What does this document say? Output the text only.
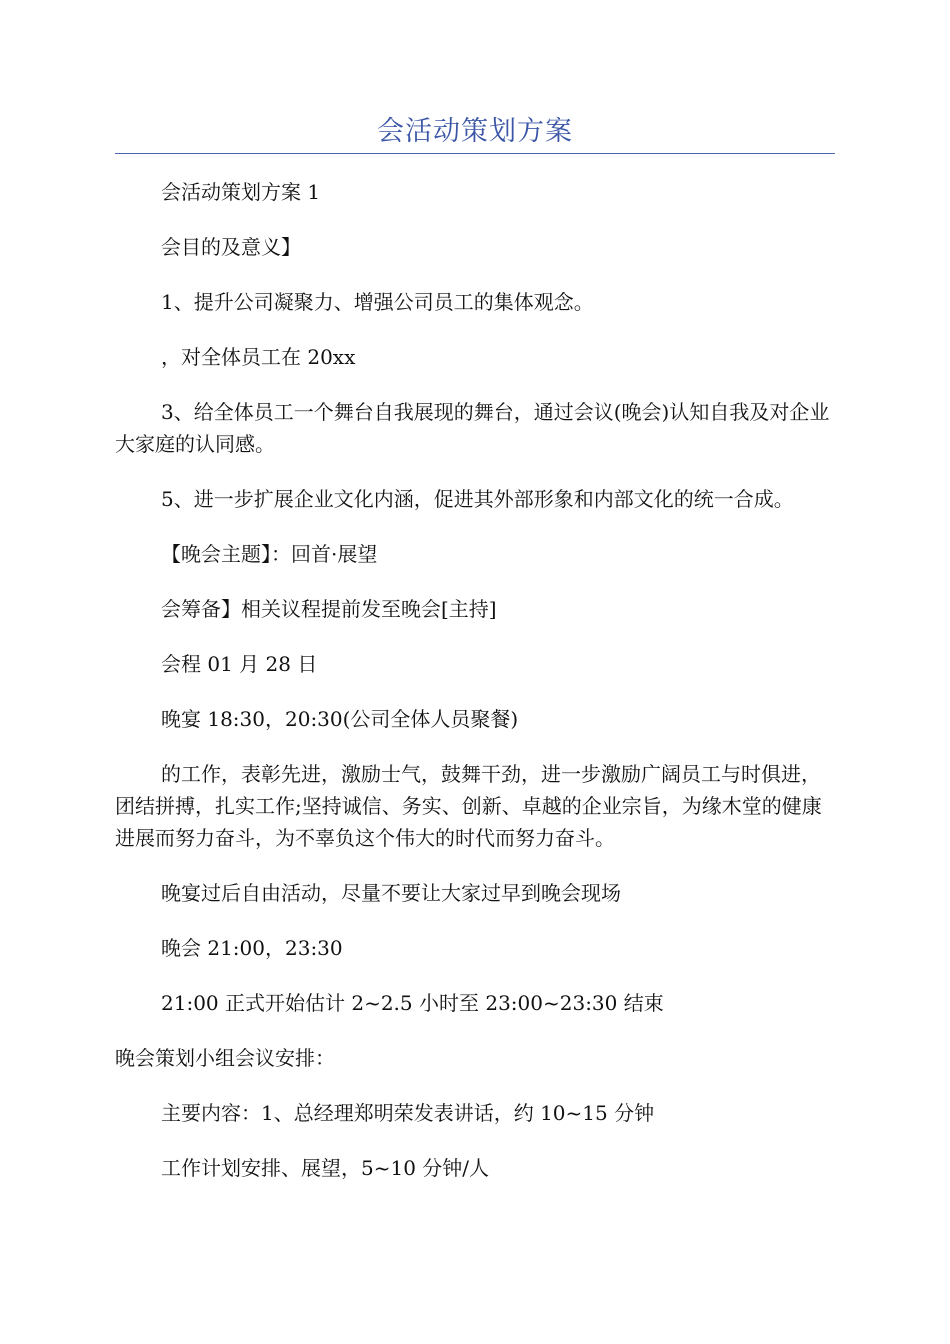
会活动策划方案

会活动策划方案 1

会目的及意义】

1、提升公司凝聚力、增强公司员工的集体观念。

，对全体员工在 20xx

3、给全体员工一个舞台自我展现的舞台，通过会议(晚会)认知自我及对企业大家庭的认同感。

5、进一步扩展企业文化内涵，促进其外部形象和内部文化的统一合成。

【晚会主题】：回首·展望

会筹备】相关议程提前发至晚会[主持]

会程 01 月 28 日

晚宴 18:30，20:30(公司全体人员聚餐)

的工作，表彰先进，激励士气，鼓舞干劲，进一步激励广阔员工与时俱进，团结拼搏，扎实工作;坚持诚信、务实、创新、卓越的企业宗旨，为缘木堂的健康进展而努力奋斗，为不辜负这个伟大的时代而努力奋斗。

晚宴过后自由活动，尽量不要让大家过早到晚会现场

晚会 21:00，23:30

21:00 正式开始估计 2~2.5 小时至 23:00~23:30 结束

晚会策划小组会议安排：

主要内容：1、总经理郑明荣发表讲话，约 10~15 分钟

工作计划安排、展望，5~10 分钟/人
